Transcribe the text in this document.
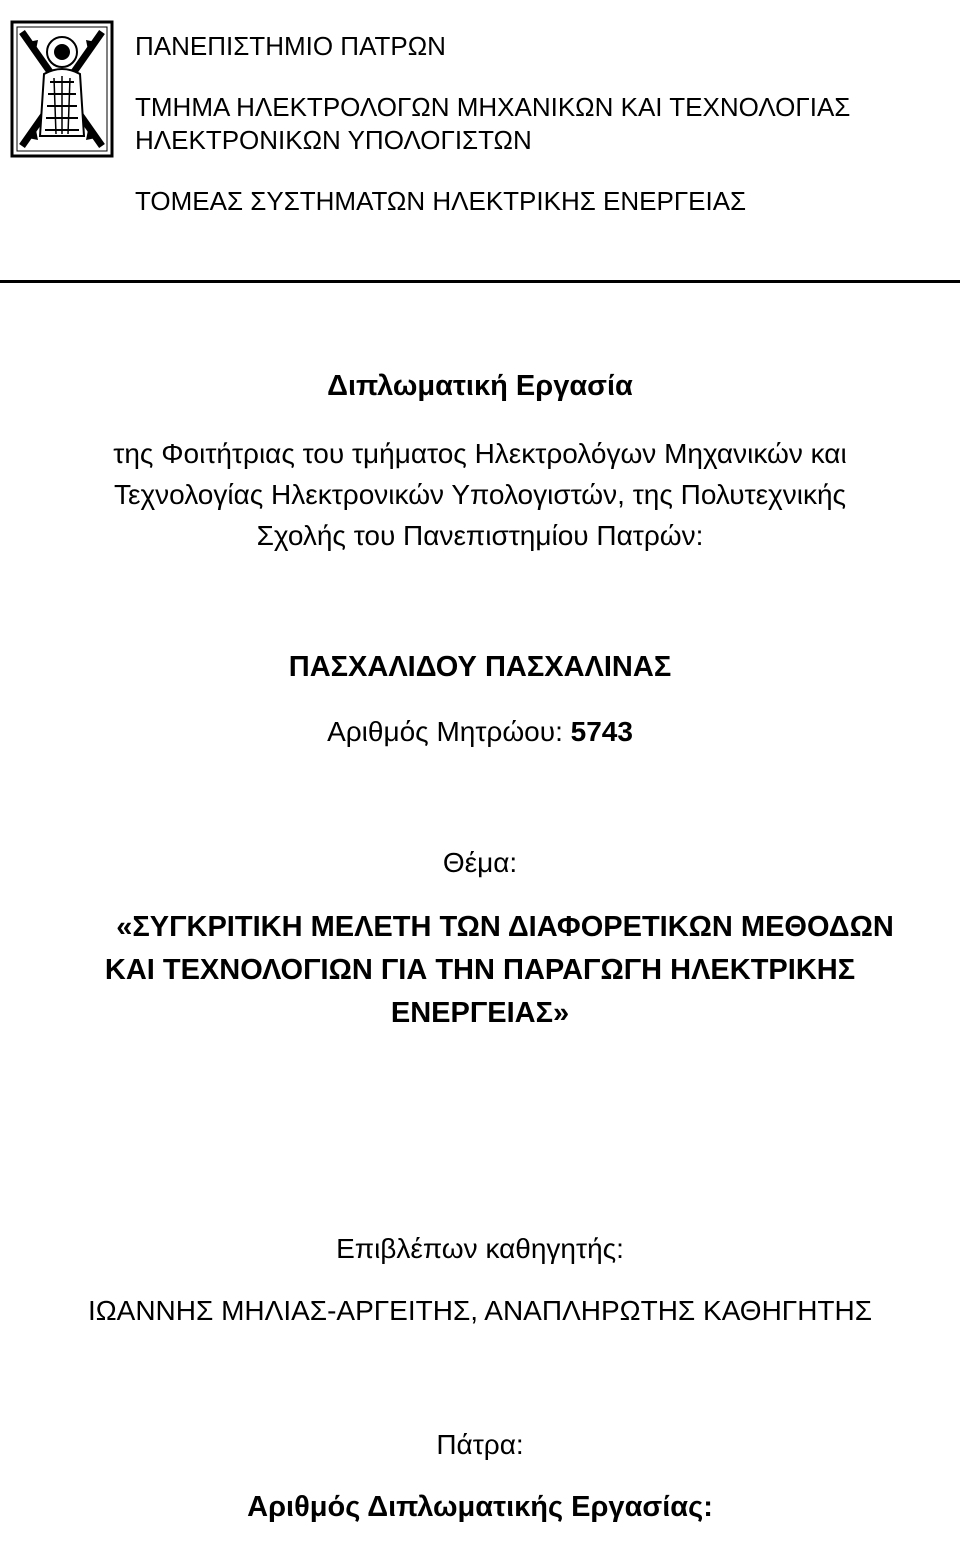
ΠΑΝΕΠΙΣΤΗΜΙΟ ΠΑΤΡΩΝ
ΤΜΗΜΑ ΗΛΕΚΤΡΟΛΟΓΩΝ ΜΗΧΑΝΙΚΩΝ ΚΑΙ ΤΕΧΝΟΛΟΓΙΑΣ
ΗΛΕΚΤΡΟΝΙΚΩΝ ΥΠΟΛΟΓΙΣΤΩΝ
ΤΟΜΕΑΣ ΣΥΣΤΗΜΑΤΩΝ ΗΛΕΚΤΡΙΚΗΣ ΕΝΕΡΓΕΙΑΣ
Διπλωματική Εργασία
της Φοιτήτριας του τμήματος Ηλεκτρολόγων Μηχανικών και
Τεχνολογίας Ηλεκτρονικών Υπολογιστών, της Πολυτεχνικής
Σχολής του Πανεπιστημίου Πατρών:
ΠΑΣΧΑΛΙΔΟΥ ΠΑΣΧΑΛΙΝΑΣ
Αριθμός Μητρώου: 5743
Θέμα:
«ΣΥΓΚΡΙΤΙΚΗ ΜΕΛΕΤΗ ΤΩΝ ΔΙΑΦΟΡΕΤΙΚΩΝ ΜΕΘΟΔΩΝ
ΚΑΙ ΤΕΧΝΟΛΟΓΙΩΝ ΓΙΑ ΤΗΝ ΠΑΡΑΓΩΓΗ ΗΛΕΚΤΡΙΚΗΣ
ΕΝΕΡΓΕΙΑΣ»
Επιβλέπων καθηγητής:
ΙΩΑΝΝΗΣ ΜΗΛΙΑΣ-ΑΡΓΕΙΤΗΣ, ΑΝΑΠΛΗΡΩΤΗΣ ΚΑΘΗΓΗΤΗΣ
Πάτρα:
Αριθμός Διπλωματικής Εργασίας:
